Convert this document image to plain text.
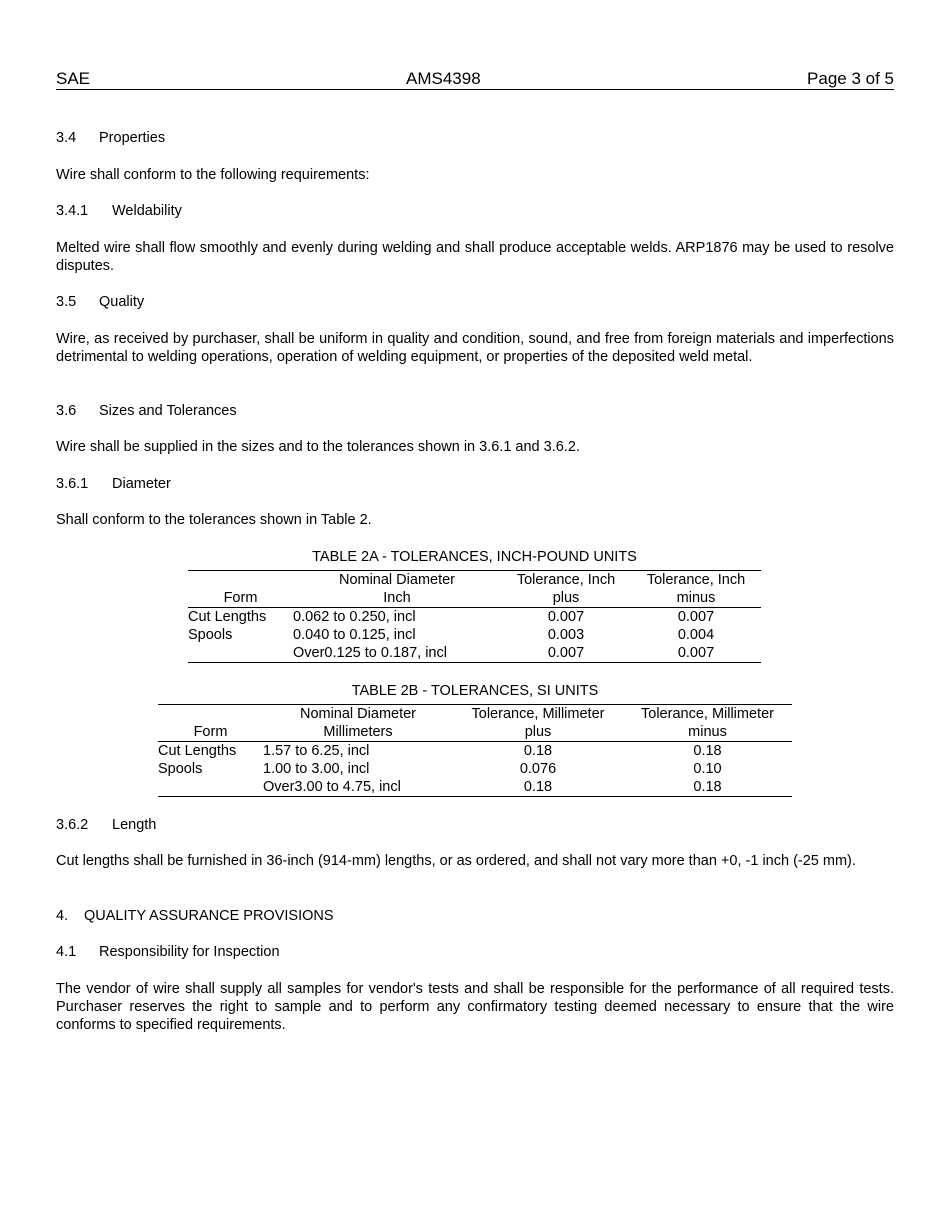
SAE	AMS4398	Page 3 of 5
3.4 Properties
Wire shall conform to the following requirements:
3.4.1 Weldability
Melted wire shall flow smoothly and evenly during welding and shall produce acceptable welds. ARP1876 may be used to resolve disputes.
3.5 Quality
Wire, as received by purchaser, shall be uniform in quality and condition, sound, and free from foreign materials and imperfections detrimental to welding operations, operation of welding equipment, or properties of the deposited weld metal.
3.6 Sizes and Tolerances
Wire shall be supplied in the sizes and to the tolerances shown in 3.6.1 and 3.6.2.
3.6.1 Diameter
Shall conform to the tolerances shown in Table 2.
TABLE 2A - TOLERANCES, INCH-POUND UNITS
	Nominal Diameter	Tolerance, Inch	Tolerance, Inch
Form	Inch	plus	minus
Cut Lengths	0.062 to 0.250, incl	0.007	0.007
Spools	0.040 to 0.125, incl	0.003	0.004
	Over0.125 to 0.187, incl	0.007	0.007
TABLE 2B - TOLERANCES, SI UNITS
	Nominal Diameter	Tolerance, Millimeter	Tolerance, Millimeter
Form	Millimeters	plus	minus
Cut Lengths	1.57 to 6.25, incl	0.18	0.18
Spools	1.00 to 3.00, incl	0.076	0.10
	Over3.00 to 4.75, incl	0.18	0.18
3.6.2 Length
Cut lengths shall be furnished in 36-inch (914-mm) lengths, or as ordered, and shall not vary more than +0, -1 inch (-25 mm).
4. QUALITY ASSURANCE PROVISIONS
4.1 Responsibility for Inspection
The vendor of wire shall supply all samples for vendor's tests and shall be responsible for the performance of all required tests.  Purchaser reserves the right to sample and to perform any confirmatory testing deemed necessary to ensure that the wire conforms to specified requirements.
